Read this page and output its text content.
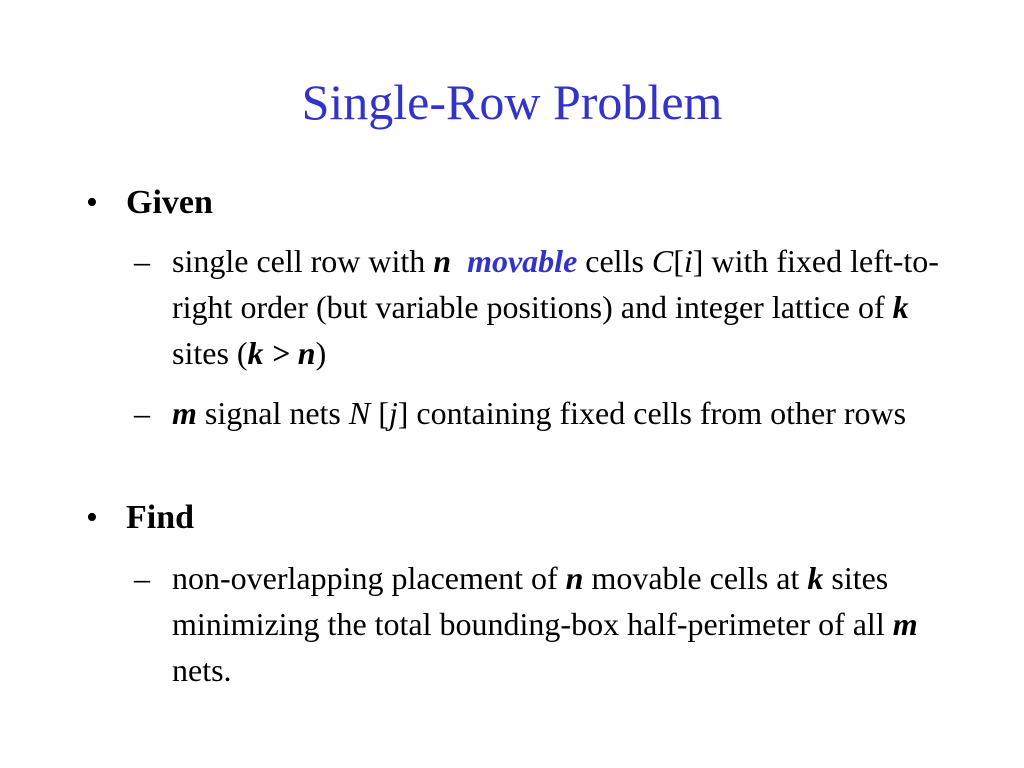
Single-Row Problem
• Given
– single cell row with n movable cells C[i] with fixed left-to-right order (but variable positions) and integer lattice of k sites (k > n)
– m signal nets N [j] containing fixed cells from other rows
• Find
– non-overlapping placement of n movable cells at k sites minimizing the total bounding-box half-perimeter of all m nets.
